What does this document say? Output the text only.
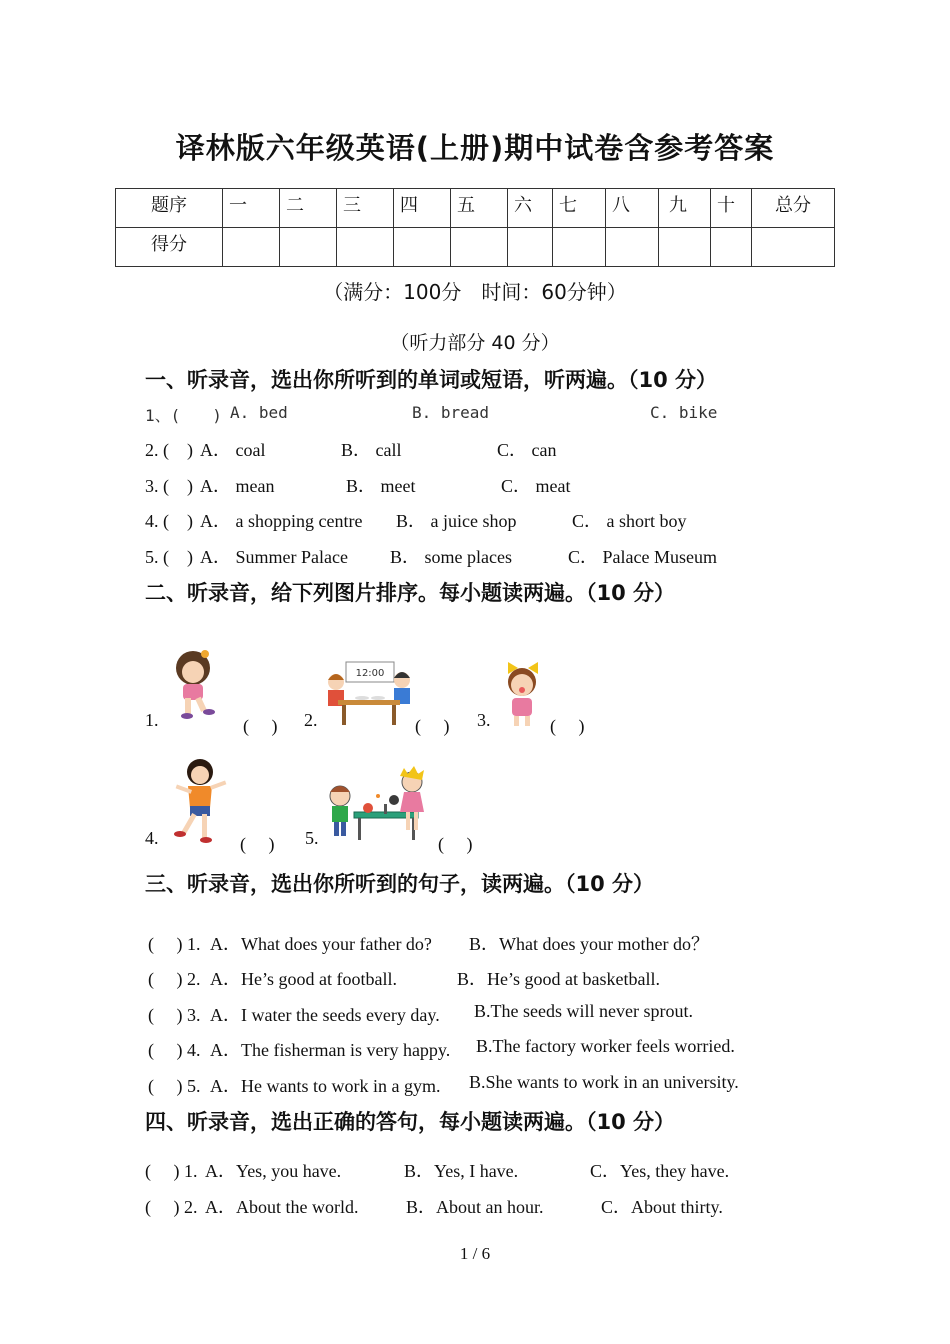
译林版六年级英语(上册)期中试卷含参考答案
题序	一	二	三	四	五	六	七	八	九	十	总分
得分											
（满分：100分　时间：60分钟）
（听力部分 40 分）
一、听录音，选出你所听到的单词或短语，听两遍。（10 分）
1、(　　) A. bed	B. bread	C. bike
2. (　) A． coal	B． call	C． can
3. (　) A． mean	B． meet	C． meat
4. (　) A． a shopping centre B． a juice shop	C． a short boy
5. (　) A． Summer Palace B． some places	C． Palace Museum
二、听录音，给下列图片排序。每小题读两遍。（10 分）
1.	(　 ) 2.
12:00
(　 ) 3.	(　 )
4.	(　 ) 5.	(　 )
三、听录音，选出你所听到的句子，读两遍。（10 分）
(　 ) 1. A．What does your father do? B．What does your mother do？
(　 ) 2. A．He’s good at football.	B．He’s good at basketball.
(　 ) 3. A．I water the seeds every day. B.The seeds will never sprout.
(　 ) 4. A．The fisherman is very happy. B.The factory worker feels worried.
(　 ) 5. A．He wants to work in a gym. B.She wants to work in an university.
四、听录音，选出正确的答句，每小题读两遍。（10 分）
(　 ) 1. A．Yes, you have.	B．Yes, I have.	C．Yes, they have.
(　 ) 2. A．About the world.	B．About an hour.	C．About thirty.
1 / 6
